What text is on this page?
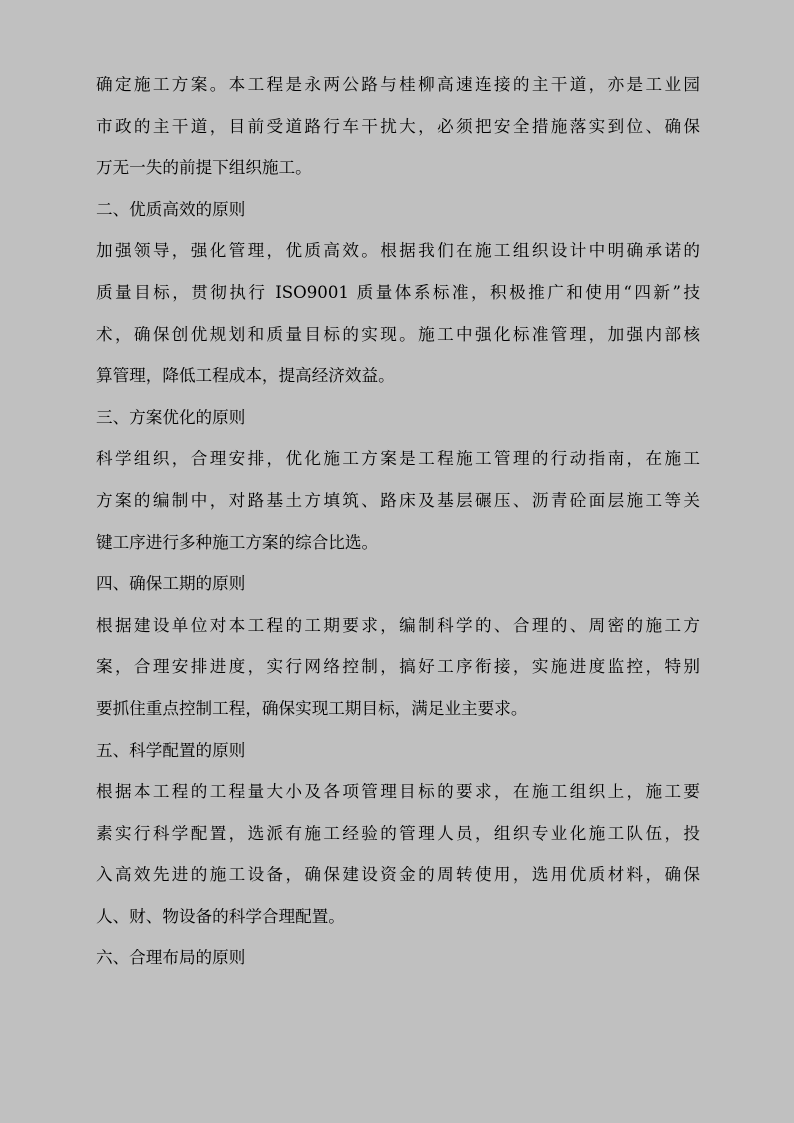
确定施工方案。本工程是永两公路与桂柳高速连接的主干道，亦是工业园
市政的主干道，目前受道路行车干扰大，必须把安全措施落实到位、确保
万无一失的前提下组织施工。
二、优质高效的原则
加强领导，强化管理，优质高效。根据我们在施工组织设计中明确承诺的
质量目标，贯彻执行 ISO9001 质量体系标准，积极推广和使用“四新”技
术，确保创优规划和质量目标的实现。施工中强化标准管理，加强内部核
算管理，降低工程成本，提高经济效益。
三、方案优化的原则
科学组织，合理安排，优化施工方案是工程施工管理的行动指南，在施工
方案的编制中，对路基土方填筑、路床及基层碾压、沥青砼面层施工等关
键工序进行多种施工方案的综合比选。
四、确保工期的原则
根据建设单位对本工程的工期要求，编制科学的、合理的、周密的施工方
案，合理安排进度，实行网络控制，搞好工序衔接，实施进度监控，特别
要抓住重点控制工程，确保实现工期目标，满足业主要求。
五、科学配置的原则
根据本工程的工程量大小及各项管理目标的要求，在施工组织上，施工要
素实行科学配置，选派有施工经验的管理人员，组织专业化施工队伍，投
入高效先进的施工设备，确保建设资金的周转使用，选用优质材料，确保
人、财、物设备的科学合理配置。
六、合理布局的原则
